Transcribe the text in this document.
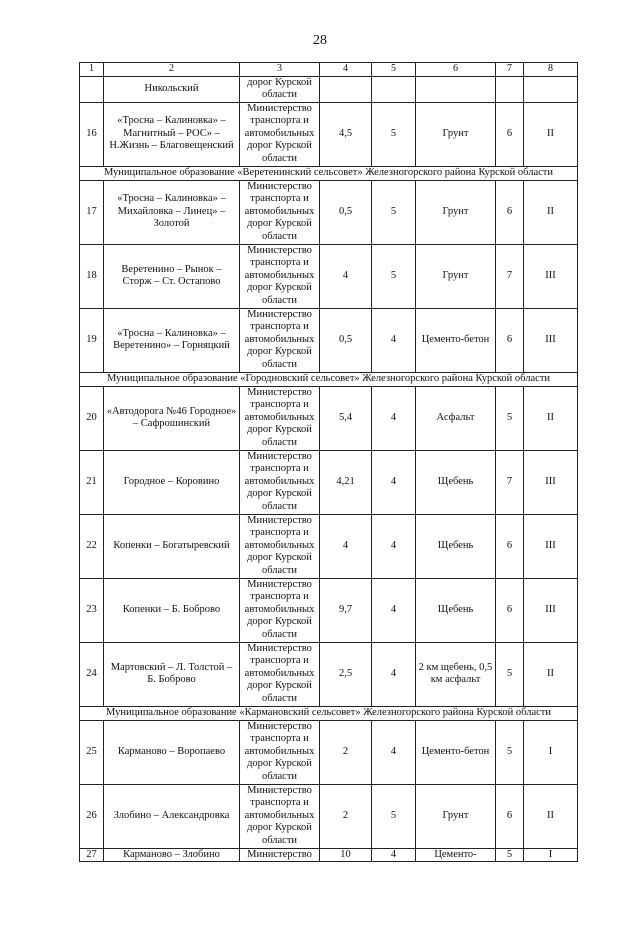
28
1	2	3	4	5	6	7	8
	Никольский	дорог Курской области					
16	«Тросна – Калиновка» – Магнитный – РОС» – Н.Жизнь – Благовещенский	Министерство транспорта и автомобильных дорог Курской области	4,5	5	Грунт	6	II
Муниципальное образование «Веретенинский сельсовет» Железногорского района Курской области							
17	«Тросна – Калиновка» – Михайловка – Линец» – Золотой	Министерство транспорта и автомобильных дорог Курской области	0,5	5	Грунт	6	II
18	Веретенино – Рынок – Сторж – Ст. Остапово	Министерство транспорта и автомобильных дорог Курской области	4	5	Грунт	7	III
19	«Тросна – Калиновка» – Веретенино» – Горняцкий	Министерство транспорта и автомобильных дорог Курской области	0,5	4	Цементо-бетон	6	III
Муниципальное образование «Городновский сельсовет» Железногорского района Курской области							
20	«Автодорога №46 Городное» – Сафрошинский	Министерство транспорта и автомобильных дорог Курской области	5,4	4	Асфальт	5	II
21	Городное – Коровино	Министерство транспорта и автомобильных дорог Курской области	4,21	4	Щебень	7	III
22	Копенки – Богатыревский	Министерство транспорта и автомобильных дорог Курской области	4	4	Щебень	6	III
23	Копенки – Б. Боброво	Министерство транспорта и автомобильных дорог Курской области	9,7	4	Щебень	6	III
24	Мартовский – Л. Толстой – Б. Боброво	Министерство транспорта и автомобильных дорог Курской области	2,5	4	2 км щебень, 0,5 км асфальт	5	II
Муниципальное образование «Кармановский сельсовет» Железногорского района Курской области							
25	Карманово – Воропаево	Министерство транспорта и автомобильных дорог Курской области	2	4	Цементо-бетон	5	I
26	Злобино – Александровка	Министерство транспорта и автомобильных дорог Курской области	2	5	Грунт	6	II
27	Карманово – Злобино	Министерство	10	4	Цементо-	5	I
